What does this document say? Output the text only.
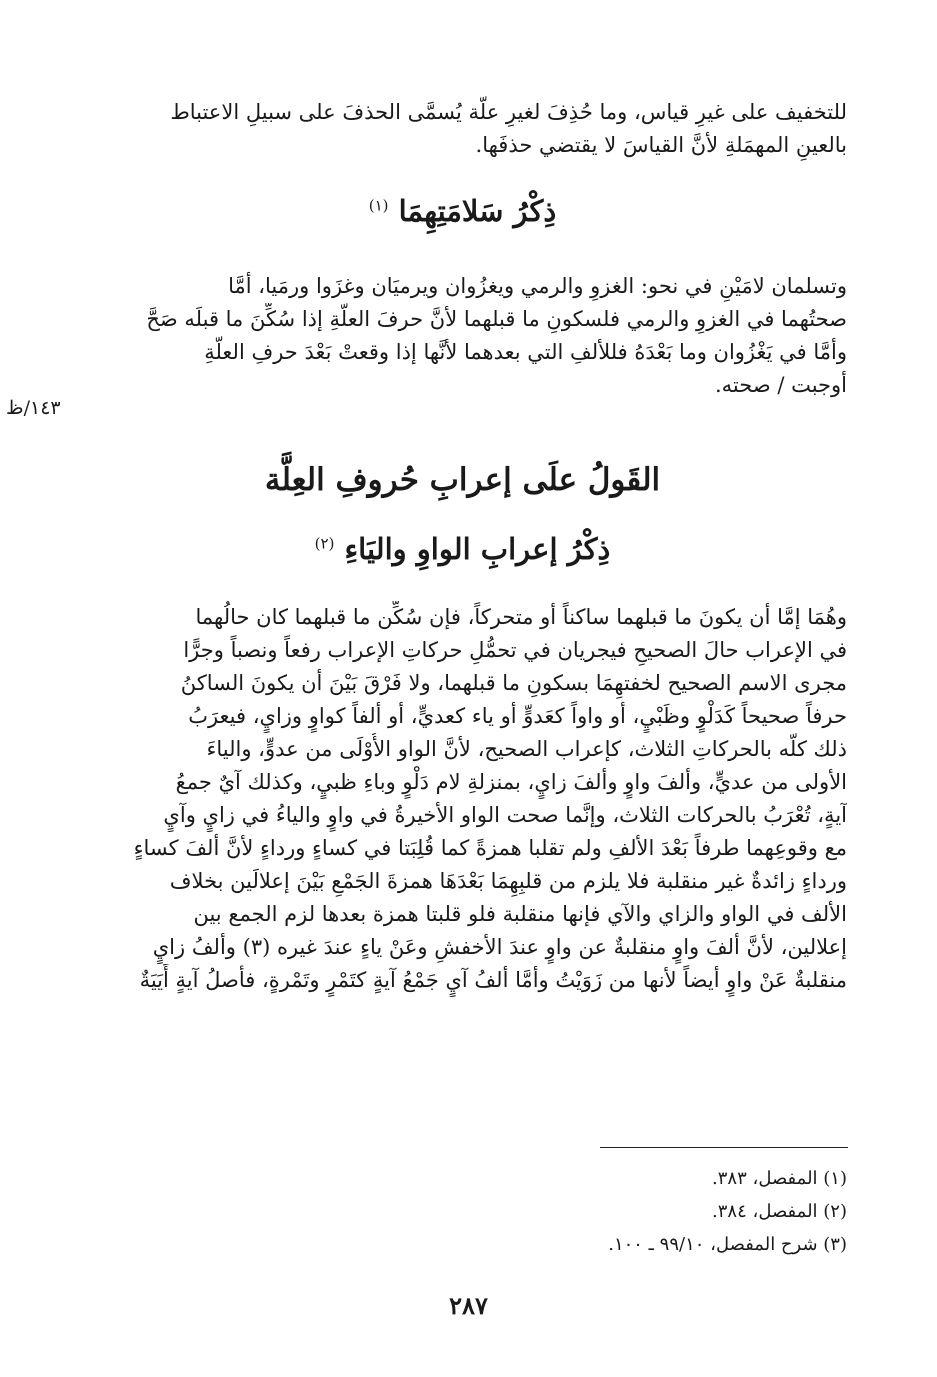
للتخفيف على غيرِ قياس، وما حُذِفَ لغيرِ علَّة يُسمَّى الحذفَ على سبيلِ الاعتباط
بالعينِ المهمَلةِ لأنَّ القياسَ لا يقتضي حذفَها.
ذِكْرُ سَلامَتِهِمَا $^{(١)}$
وتسلمان لامَيْنِ في نحو: الغزوِ والرمي ويغزُوان ويرميَان وغزَوا ورمَيا، أمَّا
صحتُهما في الغزوِ والرمي فلسكونِ ما قبلهما لأنَّ حرفَ العلَّةِ إذا سُكِّنَ ما قبلَه صَحَّ
وأمَّا في يَغْزُوان وما بَعْدَهُ فللألفِ التي بعدهما لأنَّها إذا وقعتْ بَعْدَ حرفِ العلَّةِ
أوجبت / صحته.
١٤٣/ظ
القَولُ علَى إعرابِ حُروفِ العِلَّة
ذِكْرُ إعرابِ الواوِ واليَاءِ $^{(٢)}$
وهُمَا إمَّا أن يكونَ ما قبلهما ساكناً أو متحركاً، فإن سُكِّن ما قبلهما كان حالُهما
في الإعراب حالَ الصحيحِ فيجريان في تحمُّلِ حركاتِ الإعراب رفعاً ونصباً وجرًّا
مجرى الاسم الصحيح لخفتهِمَا بسكونِ ما قبلهما، ولا فَرْقَ بَيْنَ أن يكونَ الساكنُ
حرفاً صحيحاً كَدَلْوٍ وظَبْيٍ، أو واواً كعَدوٍّ أو ياء كعديٍّ، أو ألفاً كواوٍ وزايٍ، فيعرَبُ
ذلك كلُّه بالحركاتِ الثلاث، كإعراب الصحيح، لأنَّ الواو الأُوْلَى من عدوٍّ، والياءَ
الأولى من عديٍّ، وألفَ واوٍ وألفَ زايٍ، بمنزلةِ لام دَلْوٍ وباءِ ظبيٍ، وكذلك آيٌ جمعُ
آيةٍ، تُعْرَبُ بالحركات الثلاث، وإنَّما صحت الواو الأخيرةُ في واوٍ والياءُ في زايٍ وآيٍ
مع وقوعِهما طرفاً بَعْدَ الألفِ ولم تقلبا همزةً كما قُلِبَتا في كساءٍ ورداءٍ لأنَّ ألفَ كساءٍ
ورداءٍ زائدةٌ غير منقلبة فلا يلزم من قلبِهِمَا بَعْدَهَا همزةَ الجَمْعِ بَيْنَ إعلالَين بخلاف
الألف في الواو والزاي والآي فإنها منقلبة فلو قلبتا همزة بعدها لزم الجمع بين
إعلالين، لأنَّ ألفَ واوٍ منقلبةٌ عن واوٍ عندَ الأخفشِ وعَنْ ياءٍ عندَ غيره (٣) وألفُ زايٍ
منقلبةٌ عَنْ واوٍ أيضاً لأنها من زَوَيْتُ وأمَّا ألفُ آيٍ جَمْعُ آيةٍ كتَمْرٍ وتَمْرةٍ، فأصلُ آيةٍ أَيَيَةٌ
(١) المفصل، ٣٨٣.
(٢) المفصل، ٣٨٤.
(٣) شرح المفصل، ٩٩/١٠ ـ ١٠٠.
٢٨٧
